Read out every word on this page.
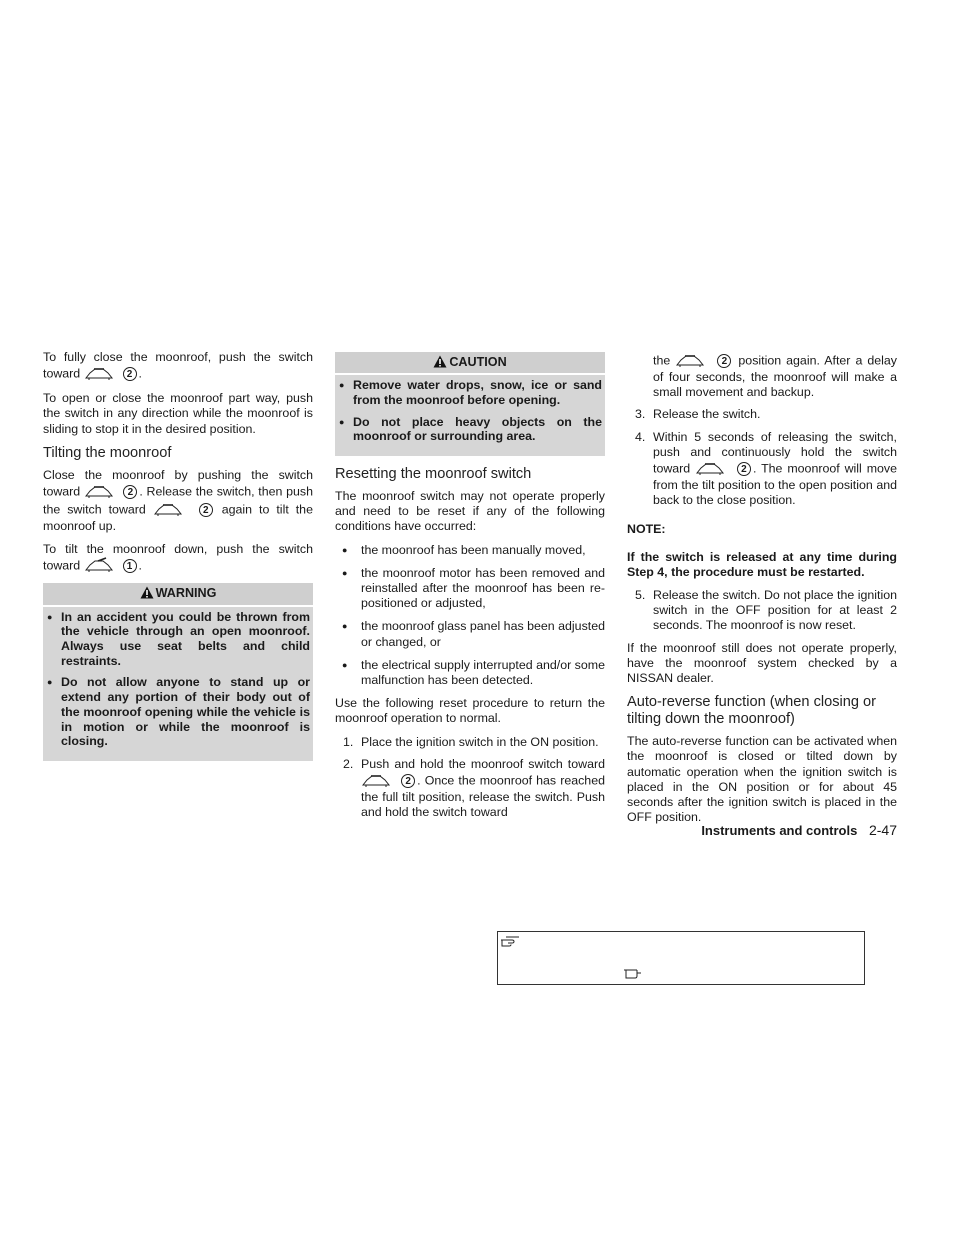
To fully close the moonroof, push the switch toward	2 .

To open or close the moonroof part way, push the switch in any direction while the moonroof is sliding to stop it in the desired position.

Tilting the moonroof

Close the moonroof by pushing the switch toward	2 . Release the switch, then push the switch toward	2 again to tilt the moonroof up.

To tilt the moonroof down, push the switch toward	1 .

WARNING
● In an accident you could be thrown from the vehicle through an open moonroof. Always use seat belts and child restraints.
● Do not allow anyone to stand up or extend any portion of their body out of the moonroof opening while the vehicle is in motion or while the moonroof is closing.
CAUTION
● Remove water drops, snow, ice or sand from the moonroof before opening.
● Do not place heavy objects on the moonroof or surrounding area.
Resetting the moonroof switch

The moonroof switch may not operate properly and need to be reset if any of the following conditions have occurred:

● the moonroof has been manually moved,
● the moonroof motor has been removed and reinstalled after the moonroof has been re-positioned or adjusted,
● the moonroof glass panel has been adjusted or changed, or
● the electrical supply interrupted and/or some malfunction has been detected.

Use the following reset procedure to return the moonroof operation to normal.

1. Place the ignition switch in the ON position.
2. Push and hold the moonroof switch toward   2 . Once the moonroof has reached the full tilt position, release the switch. Push and hold the switch toward
the	2 position again. After a delay of four seconds, the moonroof will make a small movement and backup.
3. Release the switch.
4. Within 5 seconds of releasing the switch, push and continuously hold the switch toward	2 . The moonroof will move from the tilt position to the open position and back to the close position.

NOTE:

If the switch is released at any time during Step 4, the procedure must be restarted.

5. Release the switch. Do not place the ignition switch in the OFF position for at least 2 seconds. The moonroof is now reset.

If the moonroof still does not operate properly, have the moonroof system checked by a NISSAN dealer.

Auto-reverse function (when closing or tilting down the moonroof)

The auto-reverse function can be activated when the moonroof is closed or tilted down by automatic operation when the ignition switch is placed in the ON position or for about 45 seconds after the ignition switch is placed in the OFF position.

Instruments and controls 2-47
